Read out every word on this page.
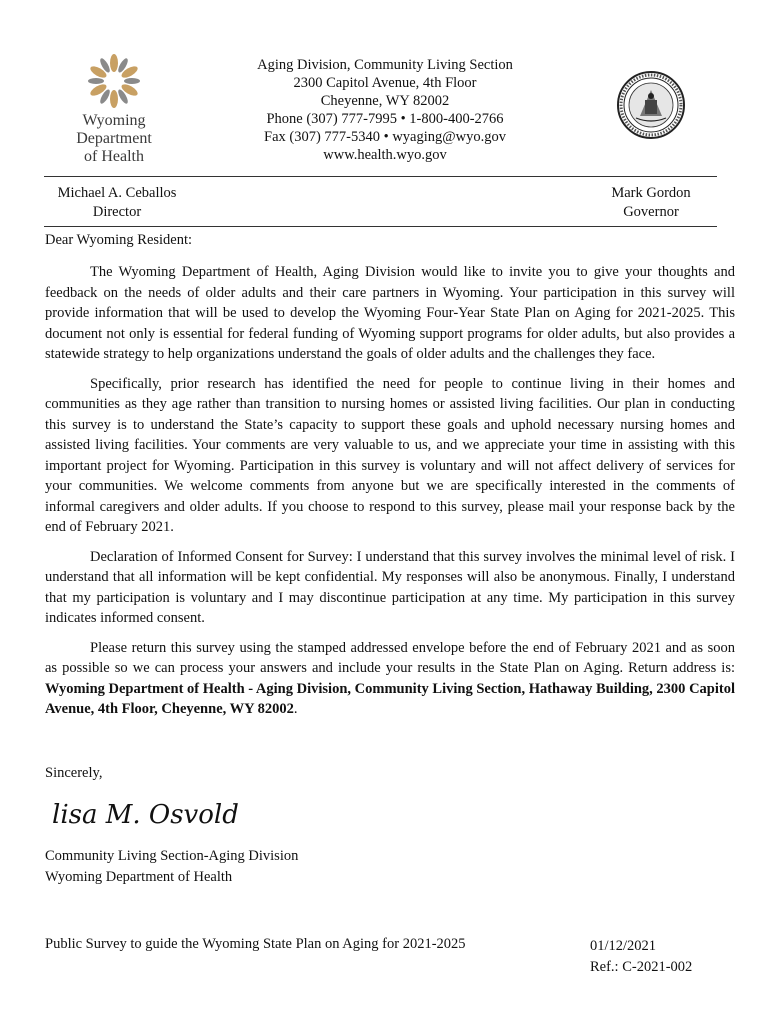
Wyoming
Department
of Health
Aging Division, Community Living Section
2300 Capitol Avenue, 4th Floor
Cheyenne, WY 82002
Phone (307) 777-7995 • 1-800-400-2766
Fax (307) 777-5340 • wyaging@wyo.gov
www.health.wyo.gov
Michael A. Ceballos
Director
Mark Gordon
Governor
Dear Wyoming Resident:

The Wyoming Department of Health, Aging Division would like to invite you to give your thoughts and feedback on the needs of older adults and their care partners in Wyoming. Your participation in this survey will provide information that will be used to develop the Wyoming Four-Year State Plan on Aging for 2021-2025. This document not only is essential for federal funding of Wyoming support programs for older adults, but also provides a statewide strategy to help organizations understand the goals of older adults and the challenges they face.

Specifically, prior research has identified the need for people to continue living in their homes and communities as they age rather than transition to nursing homes or assisted living facilities. Our plan in conducting this survey is to understand the State’s capacity to support these goals and uphold necessary nursing homes and assisted living facilities. Your comments are very valuable to us, and we appreciate your time in assisting with this important project for Wyoming. Participation in this survey is voluntary and will not affect delivery of services for your communities. We welcome comments from anyone but we are specifically interested in the comments of informal caregivers and older adults. If you choose to respond to this survey, please mail your response back by the end of February 2021.

Declaration of Informed Consent for Survey: I understand that this survey involves the minimal level of risk. I understand that all information will be kept confidential. My responses will also be anonymous. Finally, I understand that my participation is voluntary and I may discontinue participation at any time. My participation in this survey indicates informed consent.

Please return this survey using the stamped addressed envelope before the end of February 2021 and as soon as possible so we can process your answers and include your results in the State Plan on Aging. Return address is: Wyoming Department of Health - Aging Division, Community Living Section, Hathaway Building, 2300 Capitol Avenue, 4th Floor, Cheyenne, WY 82002.

Sincerely,
lisa M. Osvold
Community Living Section-Aging Division
Wyoming Department of Health
Public Survey to guide the Wyoming State Plan on Aging for 2021-2025	01/12/2021
Ref.: C-2021-002
